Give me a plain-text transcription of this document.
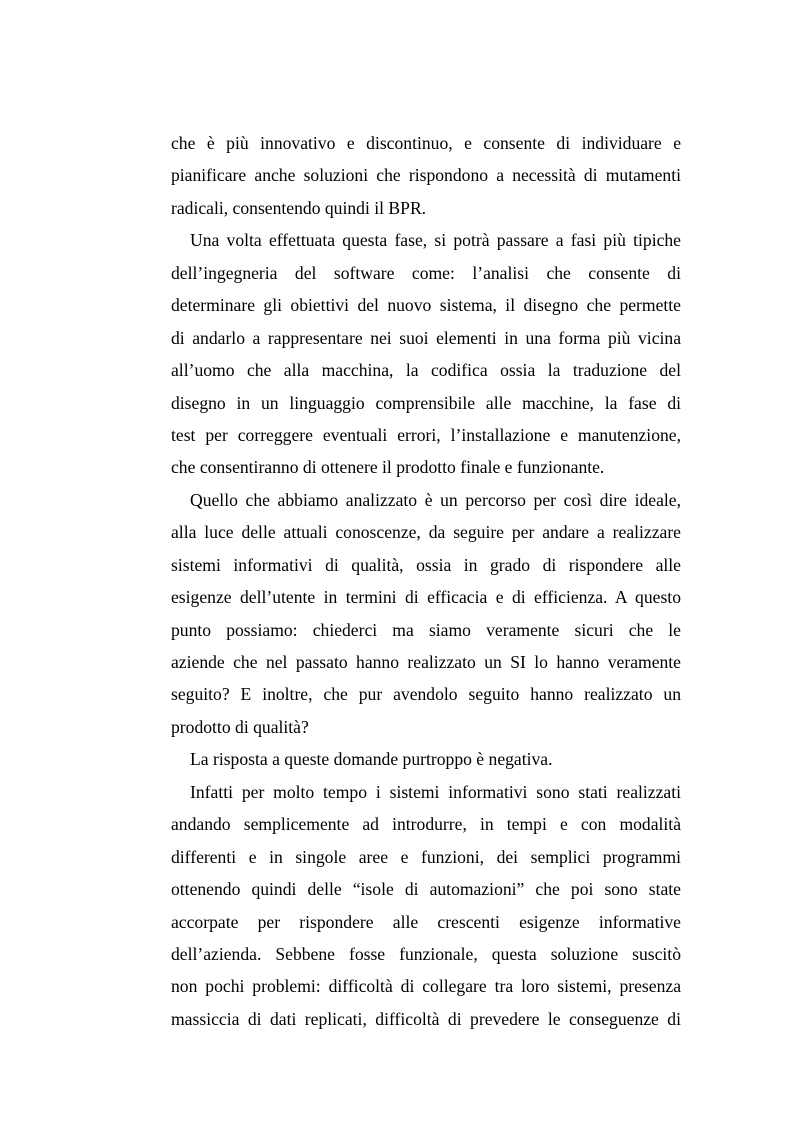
che è più innovativo e discontinuo, e consente di individuare e
pianificare anche soluzioni che rispondono a necessità di mutamenti
radicali, consentendo quindi il BPR.
Una volta effettuata questa fase, si potrà passare a fasi più tipiche
dell’ingegneria del software come: l’analisi che consente di
determinare gli obiettivi del nuovo sistema, il disegno che permette
di andarlo a rappresentare nei suoi elementi in una forma più vicina
all’uomo che alla macchina, la codifica ossia la traduzione del
disegno in un linguaggio comprensibile alle macchine, la fase di
test per correggere eventuali errori, l’installazione e manutenzione,
che consentiranno di ottenere il prodotto finale e funzionante.
Quello che abbiamo analizzato è un percorso per così dire ideale,
alla luce delle attuali conoscenze, da seguire per andare a realizzare
sistemi informativi di qualità, ossia in grado di rispondere alle
esigenze dell’utente in termini di efficacia e di efficienza. A questo
punto possiamo: chiederci ma siamo veramente sicuri che le
aziende che nel passato hanno realizzato un SI lo hanno veramente
seguito? E inoltre, che pur avendolo seguito hanno realizzato un
prodotto di qualità?
La risposta a queste domande purtroppo è negativa.
Infatti per molto tempo i sistemi informativi sono stati realizzati
andando semplicemente ad introdurre, in tempi e con modalità
differenti e in singole aree e funzioni, dei semplici programmi
ottenendo quindi delle “isole di automazioni” che poi sono state
accorpate per rispondere alle crescenti esigenze informative
dell’azienda. Sebbene fosse funzionale, questa soluzione suscitò
non pochi problemi: difficoltà di collegare tra loro sistemi, presenza
massiccia di dati replicati, difficoltà di prevedere le conseguenze di
